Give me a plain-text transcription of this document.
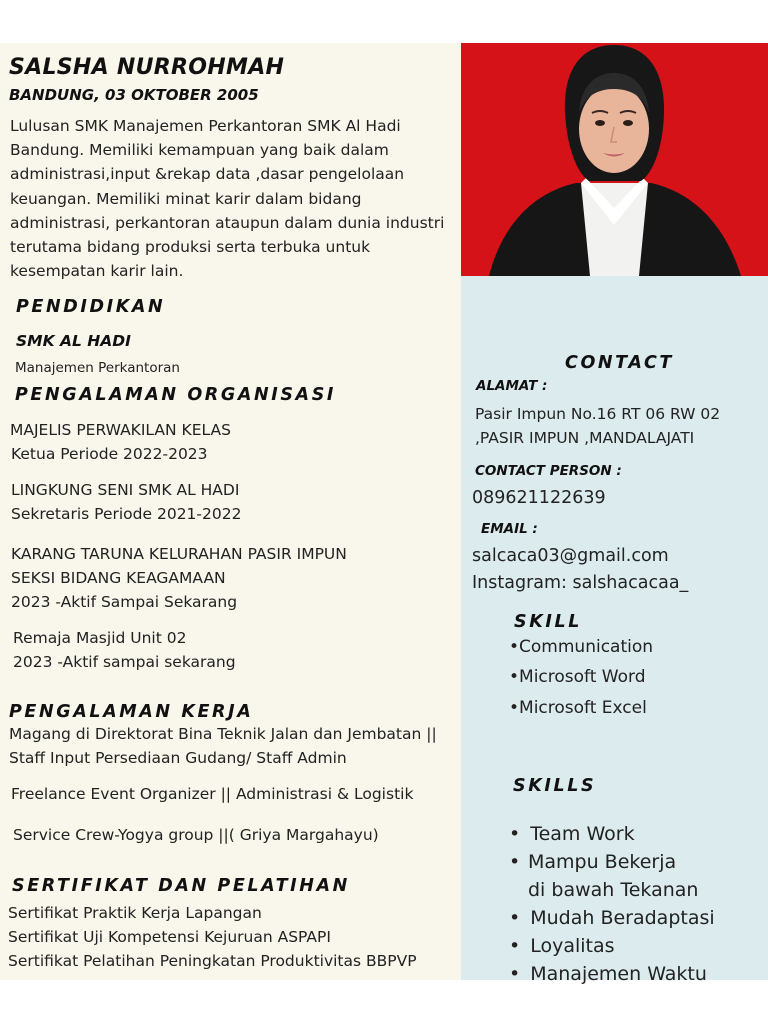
SALSHA NURROHMAH
BANDUNG, 03 OKTOBER 2005
Lulusan SMK Manajemen Perkantoran SMK Al Hadi Bandung. Memiliki kemampuan yang baik dalam administrasi,input &rekap data ,dasar pengelolaan keuangan. Memiliki minat karir dalam bidang administrasi, perkantoran ataupun dalam dunia industri terutama bidang produksi serta terbuka untuk kesempatan karir lain.
PENDIDIKAN
SMK AL HADI
Manajemen Perkantoran
PENGALAMAN ORGANISASI
MAJELIS PERWAKILAN KELAS
Ketua Periode 2022-2023
LINGKUNG SENI SMK AL HADI
Sekretaris Periode 2021-2022
KARANG TARUNA KELURAHAN PASIR IMPUN
SEKSI BIDANG KEAGAMAAN
2023 -Aktif Sampai Sekarang
Remaja Masjid Unit 02
2023 -Aktif sampai sekarang
PENGALAMAN KERJA
Magang di Direktorat Bina Teknik Jalan dan Jembatan ||
Staff Input Persediaan Gudang/ Staff Admin
Freelance Event Organizer || Administrasi & Logistik
Service Crew-Yogya group ||( Griya Margahayu)
SERTIFIKAT DAN PELATIHAN
Sertifikat Praktik Kerja Lapangan
Sertifikat Uji Kompetensi Kejuruan ASPAPI
Sertifikat Pelatihan Peningkatan Produktivitas BBPVP
CONTACT
ALAMAT :
Pasir Impun No.16 RT 06 RW 02 ,PASIR IMPUN ,MANDALAJATI
CONTACT PERSON :
089621122639
EMAIL :
salcaca03@gmail.com
Instagram: salshacacaa_
SKILL
•Communication
•Microsoft Word
•Microsoft Excel
SKILLS
• Team Work
• Mampu Bekerja di bawah Tekanan
• Mudah Beradaptasi
• Loyalitas
• Manajemen Waktu
